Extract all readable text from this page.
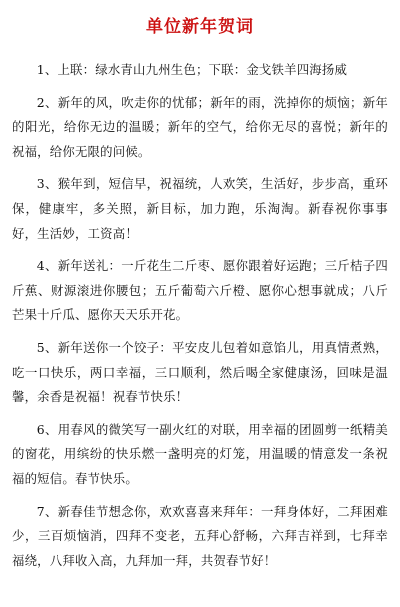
单位新年贺词

1、上联：绿水青山九州生色；下联：金戈铁羊四海扬威

2、新年的风，吹走你的忧郁；新年的雨，洗掉你的烦恼；新年的阳光，给你无边的温暖；新年的空气，给你无尽的喜悦；新年的祝福，给你无限的问候。

3、猴年到，短信早，祝福统，人欢笑，生活好，步步高，重环保，健康牢，多关照，新目标，加力跑，乐淘淘。新春祝你事事好，生活妙，工资高！

4、新年送礼：一斤花生二斤枣、愿你跟着好运跑；三斤桔子四斤蕉、财源滚进你腰包；五斤葡萄六斤橙、愿你心想事就成；八斤芒果十斤瓜、愿你天天乐开花。

5、新年送你一个饺子：平安皮儿包着如意馅儿，用真情煮熟，吃一口快乐，两口幸福，三口顺利，然后喝全家健康汤，回味是温馨，余香是祝福！祝春节快乐！

6、用春风的微笑写一副火红的对联，用幸福的团圆剪一纸精美的窗花，用缤纷的快乐燃一盏明亮的灯笼，用温暖的情意发一条祝福的短信。春节快乐。

7、新春佳节想念你，欢欢喜喜来拜年：一拜身体好，二拜困难少，三百烦恼消，四拜不变老，五拜心舒畅，六拜吉祥到，七拜幸福绕，八拜收入高，九拜加一拜，共贺春节好！
